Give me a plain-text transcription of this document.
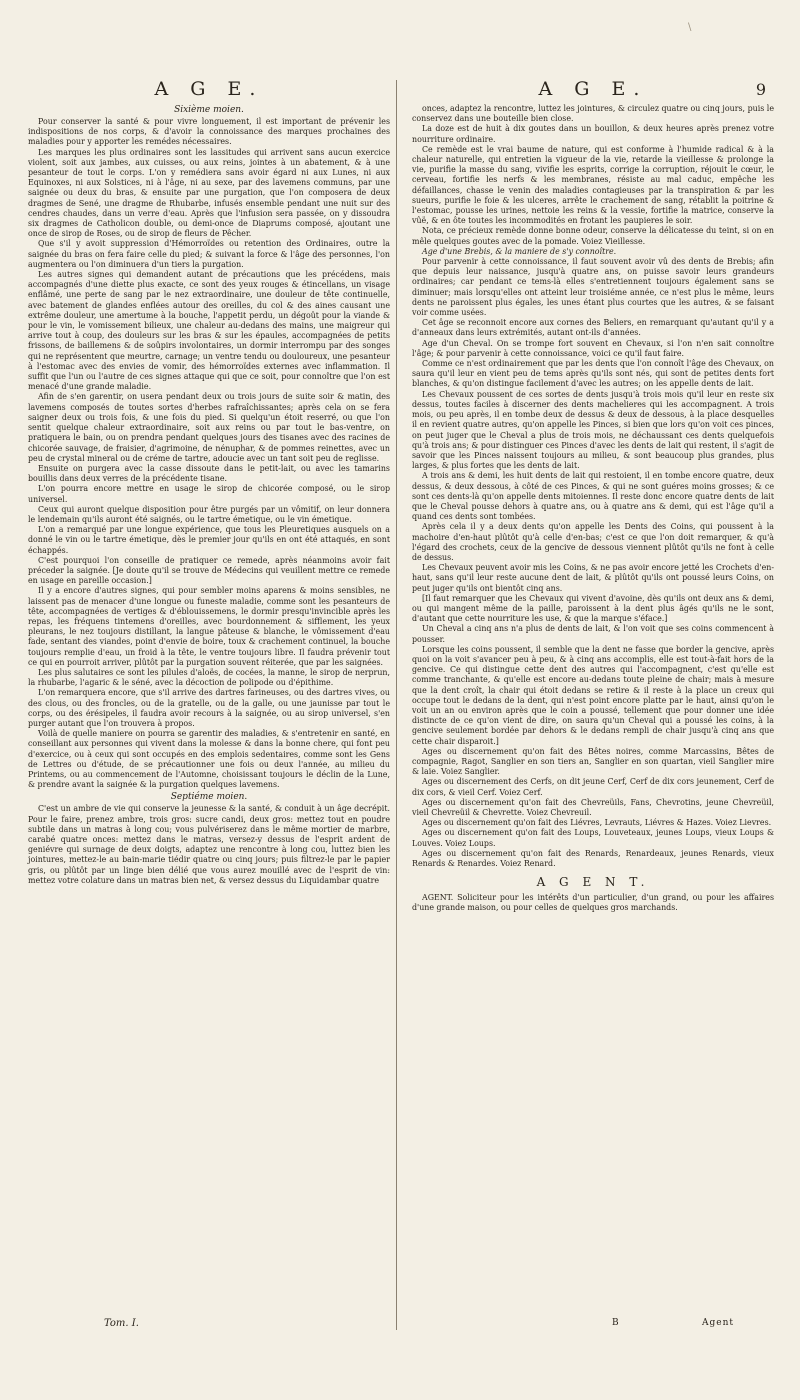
\
9
A G E.
Sixième moien.

Pour conserver la santé & pour vivre longuement, il est important de prévenir les indispositions de nos corps, & d'avoir la connoissance des marques prochaines des maladies pour y apporter les remédes nécessaires.

Les marques les plus ordinaires sont les lassitudes qui arrivent sans aucun exercice violent, soit aux jambes, aux cuisses, ou aux reins, jointes à un abatement, & à une pesanteur de tout le corps. L'on y remédiera sans avoir égard ni aux Lunes, ni aux Equinoxes, ni aux Solstices, ni à l'âge, ni au sexe, par des lavemens communs, par une saignée ou deux du bras, & ensuite par une purgation, que l'on composera de deux dragmes de Sené, une dragme de Rhubarbe, infusés ensemble pendant une nuit sur des cendres chaudes, dans un verre d'eau. Après que l'infusion sera passée, on y dissoudra six dragmes de Catholicon double, ou demi-once de Diaprums composé, ajoutant une once de sirop de Roses, ou de sirop de fleurs de Pêcher.

Que s'il y avoit suppression d'Hémorroïdes ou retention des Ordinaires, outre la saignée du bras on fera faire celle du pied; & suivant la force & l'âge des personnes, l'on augmentera ou l'on diminuera d'un tiers la purgation.

Les autres signes qui demandent autant de précautions que les précédens, mais accompagnés d'une diette plus exacte, ce sont des yeux rouges & étincellans, un visage enflâmé, une perte de sang par le nez extraordinaire, une douleur de tête continuelle, avec batement de glandes enflées autour des oreilles, du col & des aines causant une extrême douleur, une amertume à la bouche, l'appetit perdu, un dégoût pour la viande & pour le vin, le vomissement bilieux, une chaleur au-dedans des mains, une maigreur qui arrive tout à coup, des douleurs sur les bras & sur les épaules, accompagnées de petits frissons, de baillemens & de soûpirs involontaires, un dormir interrompu par des songes qui ne représentent que meurtre, carnage; un ventre tendu ou douloureux, une pesanteur à l'estomac avec des envies de vomir, des hémorroïdes externes avec inflammation. Il suffit que l'un ou l'autre de ces signes attaque qui que ce soit, pour connoître que l'on est menacé d'une grande maladie.

Afin de s'en garentir, on usera pendant deux ou trois jours de suite soir & matin, des lavemens composés de toutes sortes d'herbes rafraîchissantes; après cela on se fera saigner deux ou trois fois, & une fois du pied. Si quelqu'un étoit reserré, ou que l'on sentit quelque chaleur extraordinaire, soit aux reins ou par tout le bas-ventre, on pratiquera le bain, ou on prendra pendant quelques jours des tisanes avec des racines de chicorée sauvage, de fraisier, d'agrimoine, de nénuphar, & de pommes reinettes, avec un peu de crystal mineral ou de créme de tartre, adoucie avec un tant soit peu de reglisse.

Ensuite on purgera avec la casse dissoute dans le petit-lait, ou avec les tamarins bouillis dans deux verres de la précédente tisane.

L'on pourra encore mettre en usage le sirop de chicorée composé, ou le sirop universel.

Ceux qui auront quelque disposition pour être purgés par un vômitif, on leur donnera le lendemain qu'ils auront été saignés, ou le tartre émetique, ou le vin émetique.

L'on a remarqué par une longue expérience, que tous les Pleuretiques ausquels on a donné le vin ou le tartre émetique, dès le premier jour qu'ils en ont été attaqués, en sont échappés.

C'est pourquoi l'on conseille de pratiquer ce remede, après néanmoins avoir fait préceder la saignée. [Je doute qu'il se trouve de Médecins qui veuillent mettre ce remede en usage en pareille occasion.]

Il y a encore d'autres signes, qui pour sembler moins aparens & moins sensibles, ne laissent pas de menacer d'une longue ou funeste maladie, comme sont les pesanteurs de tête, accompagnées de vertiges & d'éblouissemens, le dormir presqu'invincible après les repas, les fréquens tintemens d'oreilles, avec bourdonnement & sifflement, les yeux pleurans, le nez toujours distillant, la langue pâteuse & blanche, le vômissement d'eau fade, sentant des viandes, point d'envie de boire, toux & crachement continuel, la bouche toujours remplie d'eau, un froid à la tête, le ventre toujours libre. Il faudra prévenir tout ce qui en pourroit arriver, plûtôt par la purgation souvent réiterée, que par les saignées.

Les plus salutaires ce sont les pilules d'aloës, de cocées, la manne, le sirop de nerprun, la rhubarbe, l'agaric & le séné, avec la décoction de polipode ou d'épithime.

L'on remarquera encore, que s'il arrive des dartres farineuses, ou des dartres vives, ou des clous, ou des froncles, ou de la gratelle, ou de la galle, ou une jaunisse par tout le corps, ou des érésipeles, il faudra avoir recours à la saignée, ou au sirop universel, s'en purger autant que l'on trouvera à propos.

Voilà de quelle maniere on pourra se garentir des maladies, & s'entretenir en santé, en conseillant aux personnes qui vivent dans la molesse & dans la bonne chere, qui font peu d'exercice, ou à ceux qui sont occupés en des emplois sedentaires, comme sont les Gens de Lettres ou d'étude, de se précautionner une fois ou deux l'année, au milieu du Printems, ou au commencement de l'Automne, choisissant toujours le déclin de la Lune, & prendre avant la saignée & la purgation quelques lavemens.

Septiéme moien.

C'est un ambre de vie qui conserve la jeunesse & la santé, & conduit à un âge decrépit. Pour le faire, prenez ambre, trois gros: sucre candi, deux gros: mettez tout en poudre subtile dans un matras à long cou; vous pulvériserez dans le même mortier de marbre, carabé quatre onces: mettez dans le matras, versez-y dessus de l'esprit ardent de geniévre qui surnage de deux doigts, adaptez une rencontre à long cou, luttez bien les jointures, mettez-le au bain-marie tiédir quatre ou cinq jours; puis filtrez-le par le papier gris, ou plûtôt par un linge bien délié que vous aurez mouillé avec de l'esprit de vin: mettez votre colature dans un matras bien net, & versez dessus du Liquidambar quatre

A G E.

onces, adaptez la rencontre, luttez les jointures, & circulez quatre ou cinq jours, puis le conservez dans une bouteille bien close.

La doze est de huit à dix goutes dans un bouillon, & deux heures après prenez votre nourriture ordinaire.

Ce remède est le vrai baume de nature, qui est conforme à l'humide radical & à la chaleur naturelle, qui entretien la vigueur de la vie, retarde la vieillesse & prolonge la vie, purifie la masse du sang, vivifie les esprits, corrige la corruption, réjouit le cœur, le cerveau, fortifie les nerfs & les membranes, résiste au mal caduc, empêche les défaillances, chasse le venin des maladies contagieuses par la transpiration & par les sueurs, purifie le foie & les ulceres, arrête le crachement de sang, rétablit la poitrine & l'estomac, pousse les urines, nettoie les reins & la vessie, fortifie la matrice, conserve la vûë, & en ôte toutes les incommodités en frotant les paupieres le soir.

Nota, ce précieux remède donne bonne odeur, conserve la délicatesse du teint, si on en mêle quelques goutes avec de la pomade. Voiez Vieillesse.

Age d'une Brebis, & la maniere de s'y connoître.

Pour parvenir à cette connoissance, il faut souvent avoir vû des dents de Brebis; afin que depuis leur naissance, jusqu'à quatre ans, on puisse savoir leurs grandeurs ordinaires; car pendant ce tems-là elles s'entretiennent toujours également sans se diminuer; mais lorsqu'elles ont atteint leur troisiéme année, ce n'est plus le même, leurs dents ne paroissent plus égales, les unes étant plus courtes que les autres, & se faisant voir comme usées.

Cet âge se reconnoit encore aux cornes des Beliers, en remarquant qu'autant qu'il y a d'anneaux dans leurs extrémités, autant ont-ils d'années.

Age d'un Cheval. On se trompe fort souvent en Chevaux, si l'on n'en sait connoître l'âge; & pour parvenir à cette connoissance, voici ce qu'il faut faire.

Comme ce n'est ordinairement que par les dents que l'on connoît l'âge des Chevaux, on saura qu'il leur en vient peu de tems après qu'ils sont nés, qui sont de petites dents fort blanches, & qu'on distingue facilement d'avec les autres; on les appelle dents de lait.

Les Chevaux poussent de ces sortes de dents jusqu'à trois mois qu'il leur en reste six dessus, toutes faciles à discerner des dents machelieres qui les accompagnent. A trois mois, ou peu après, il en tombe deux de dessus & deux de dessous, à la place desquelles il en revient quatre autres, qu'on appelle les Pinces, si bien que lors qu'on voit ces pinces, on peut juger que le Cheval a plus de trois mois, ne déchaussant ces dents quelquefois qu'à trois ans; & pour distinguer ces Pinces d'avec les dents de lait qui restent, il s'agit de savoir que les Pinces naissent toujours au milieu, & sont beaucoup plus grandes, plus larges, & plus fortes que les dents de lait.

A trois ans & demi, les huit dents de lait qui restoient, il en tombe encore quatre, deux dessus, & deux dessous, à côté de ces Pinces, & qui ne sont guéres moins grosses; & ce sont ces dents-là qu'on appelle dents mitoiennes. Il reste donc encore quatre dents de lait que le Cheval pousse dehors à quatre ans, ou à quatre ans & demi, qui est l'âge qu'il a quand ces dents sont tombées.

Après cela il y a deux dents qu'on appelle les Dents des Coins, qui poussent à la machoire d'en-haut plûtôt qu'à celle d'en-bas; c'est ce que l'on doit remarquer, & qu'à l'égard des crochets, ceux de la gencive de dessous viennent plûtôt qu'ils ne font à celle de dessus.

Les Chevaux peuvent avoir mis les Coins, & ne pas avoir encore jetté les Crochets d'en-haut, sans qu'il leur reste aucune dent de lait, & plûtôt qu'ils ont poussé leurs Coins, on peut juger qu'ils ont bientôt cinq ans.

[Il faut remarquer que les Chevaux qui vivent d'avoine, dès qu'ils ont deux ans & demi, ou qui mangent même de la paille, paroissent à la dent plus âgés qu'ils ne le sont, d'autant que cette nourriture les use, & que la marque s'éface.]

Un Cheval a cinq ans n'a plus de dents de lait, & l'on voit que ses coins commencent à pousser.

Lorsque les coins poussent, il semble que la dent ne fasse que border la gencive, après quoi on la voit s'avancer peu à peu, & à cinq ans accomplis, elle est tout-à-fait hors de la gencive. Ce qui distingue cette dent des autres qui l'accompagnent, c'est qu'elle est comme tranchante, & qu'elle est encore au-dedans toute pleine de chair; mais à mesure que la dent croît, la chair qui étoit dedans se retire & il reste à la place un creux qui occupe tout le dedans de la dent, qui n'est point encore platte par le haut, ainsi qu'on le voit un an ou environ après que le coin a poussé, tellement que pour donner une idée distincte de ce qu'on vient de dire, on saura qu'un Cheval qui a poussé les coins, à la gencive seulement bordée par dehors & le dedans rempli de chair jusqu'à cinq ans que cette chair disparoit.]

Ages ou discernement qu'on fait des Bêtes noires, comme Marcassins, Bêtes de compagnie, Ragot, Sanglier en son tiers an, Sanglier en son quartan, vieil Sanglier mire & laie. Voiez Sanglier.

Ages ou discernement des Cerfs, on dit jeune Cerf, Cerf de dix cors jeunement, Cerf de dix cors, & vieil Cerf. Voiez Cerf.

Ages ou discernement qu'on fait des Chevreüils, Fans, Chevrotins, jeune Chevreüil, vieil Chevreüil & Chevrette. Voiez Chevreuil.

Ages ou discernement qu'on fait des Liévres, Levrauts, Liévres & Hazes. Voiez Lievres.

Ages ou discernement qu'on fait des Loups, Louveteaux, jeunes Loups, vieux Loups & Louves. Voiez Loups.

Ages ou discernement qu'on fait des Renards, Renardeaux, jeunes Renards, vieux Renards & Renardes. Voiez Renard.

A G E N T.

AGENT. Soliciteur pour les intérêts d'un particulier, d'un grand, ou pour les affaires d'une grande maison, ou pour celles de quelques gros marchands.

Tom. I.	B	Agent
